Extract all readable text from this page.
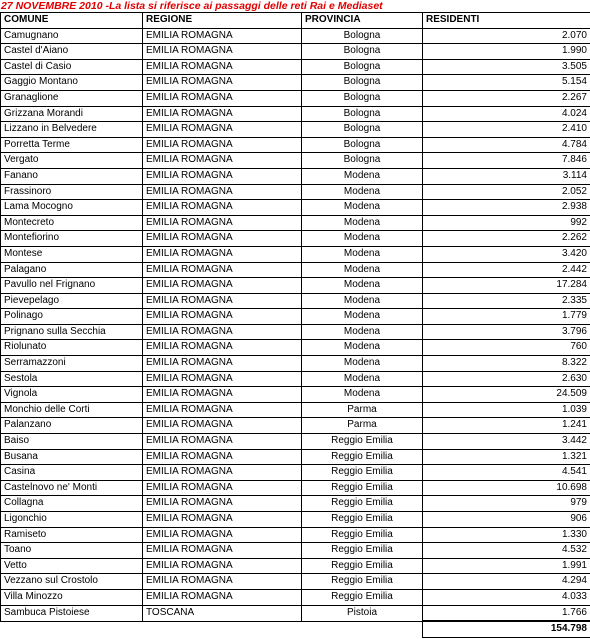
27 NOVEMBRE 2010 -La lista si riferisce ai passaggi delle reti Rai e Mediaset
COMUNE	REGIONE	PROVINCIA	RESIDENTI
Camugnano	EMILIA ROMAGNA	Bologna	2.070
Castel d'Aiano	EMILIA ROMAGNA	Bologna	1.990
Castel di Casio	EMILIA ROMAGNA	Bologna	3.505
Gaggio Montano	EMILIA ROMAGNA	Bologna	5.154
Granaglione	EMILIA ROMAGNA	Bologna	2.267
Grizzana Morandi	EMILIA ROMAGNA	Bologna	4.024
Lizzano in Belvedere	EMILIA ROMAGNA	Bologna	2.410
Porretta Terme	EMILIA ROMAGNA	Bologna	4.784
Vergato	EMILIA ROMAGNA	Bologna	7.846
Fanano	EMILIA ROMAGNA	Modena	3.114
Frassinoro	EMILIA ROMAGNA	Modena	2.052
Lama Mocogno	EMILIA ROMAGNA	Modena	2.938
Montecreto	EMILIA ROMAGNA	Modena	992
Montefiorino	EMILIA ROMAGNA	Modena	2.262
Montese	EMILIA ROMAGNA	Modena	3.420
Palagano	EMILIA ROMAGNA	Modena	2.442
Pavullo nel Frignano	EMILIA ROMAGNA	Modena	17.284
Pievepelago	EMILIA ROMAGNA	Modena	2.335
Polinago	EMILIA ROMAGNA	Modena	1.779
Prignano sulla Secchia	EMILIA ROMAGNA	Modena	3.796
Riolunato	EMILIA ROMAGNA	Modena	760
Serramazzoni	EMILIA ROMAGNA	Modena	8.322
Sestola	EMILIA ROMAGNA	Modena	2.630
Vignola	EMILIA ROMAGNA	Modena	24.509
Monchio delle Corti	EMILIA ROMAGNA	Parma	1.039
Palanzano	EMILIA ROMAGNA	Parma	1.241
Baiso	EMILIA ROMAGNA	Reggio Emilia	3.442
Busana	EMILIA ROMAGNA	Reggio Emilia	1.321
Casina	EMILIA ROMAGNA	Reggio Emilia	4.541
Castelnovo ne' Monti	EMILIA ROMAGNA	Reggio Emilia	10.698
Collagna	EMILIA ROMAGNA	Reggio Emilia	979
Ligonchio	EMILIA ROMAGNA	Reggio Emilia	906
Ramiseto	EMILIA ROMAGNA	Reggio Emilia	1.330
Toano	EMILIA ROMAGNA	Reggio Emilia	4.532
Vetto	EMILIA ROMAGNA	Reggio Emilia	1.991
Vezzano sul Crostolo	EMILIA ROMAGNA	Reggio Emilia	4.294
Villa Minozzo	EMILIA ROMAGNA	Reggio Emilia	4.033
Sambuca Pistoiese	TOSCANA	Pistoia	1.766
			154.798
